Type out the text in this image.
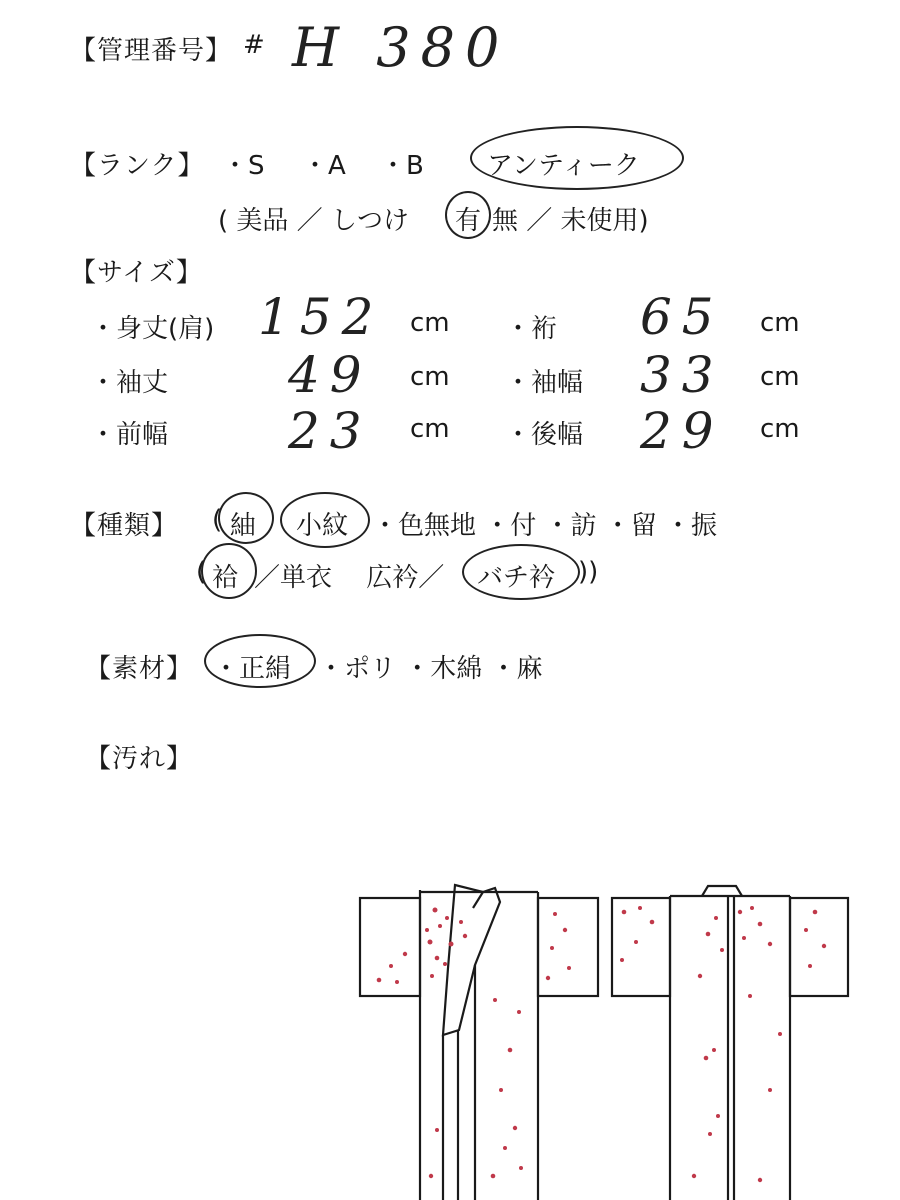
【管理番号】 # H 380
【ランク】 ・S ・A ・B アンティーク
( 美品 ／ しつけ 有 無 ／ 未使用)
【サイズ】
・身丈(肩) 152 cm ・裄 65 cm
・袖丈 49 cm ・袖幅 33 cm
・前幅 23 cm ・後幅 29 cm
【種類】 ( 紬 小紋 ・色無地 ・付 ・訪 ・留 ・振
( 袷 ／単衣　 広衿／ バチ衿 ))
【素材】 ・正絹 ・ポリ ・木綿 ・麻
【汚れ】
